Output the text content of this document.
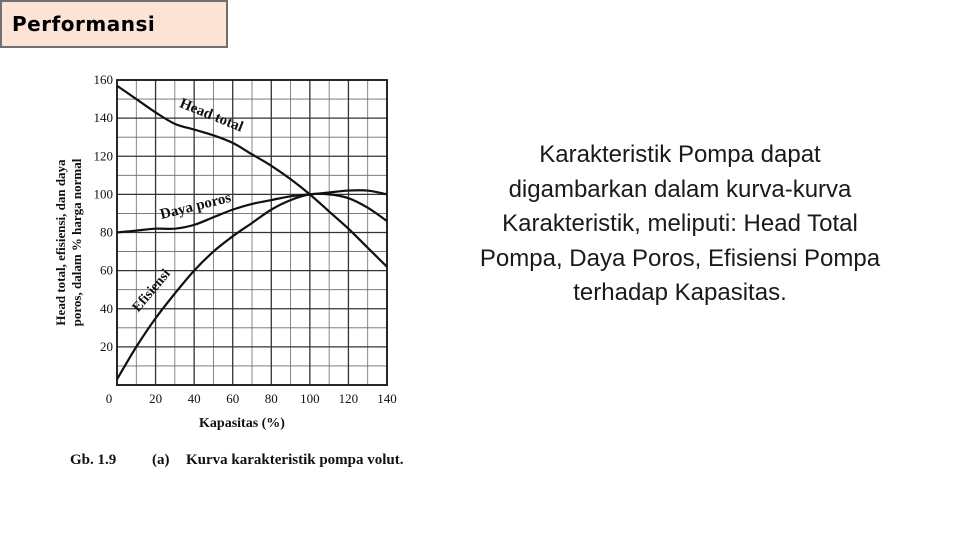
Performansi
0	20 40 60 80 100 120 140
20
40
60
80
100
120
140
160
Kapasitas (%)
Head total, efisiensi, dan daya poros, dalam % harga normal
Head total
Daya poros
Efisiensi
Karakteristik Pompa dapat digambarkan dalam kurva-kurva Karakteristik, meliputi: Head Total Pompa, Daya Poros, Efisiensi Pompa terhadap Kapasitas.
Gb. 1.9 (a) Kurva karakteristik pompa volut.
